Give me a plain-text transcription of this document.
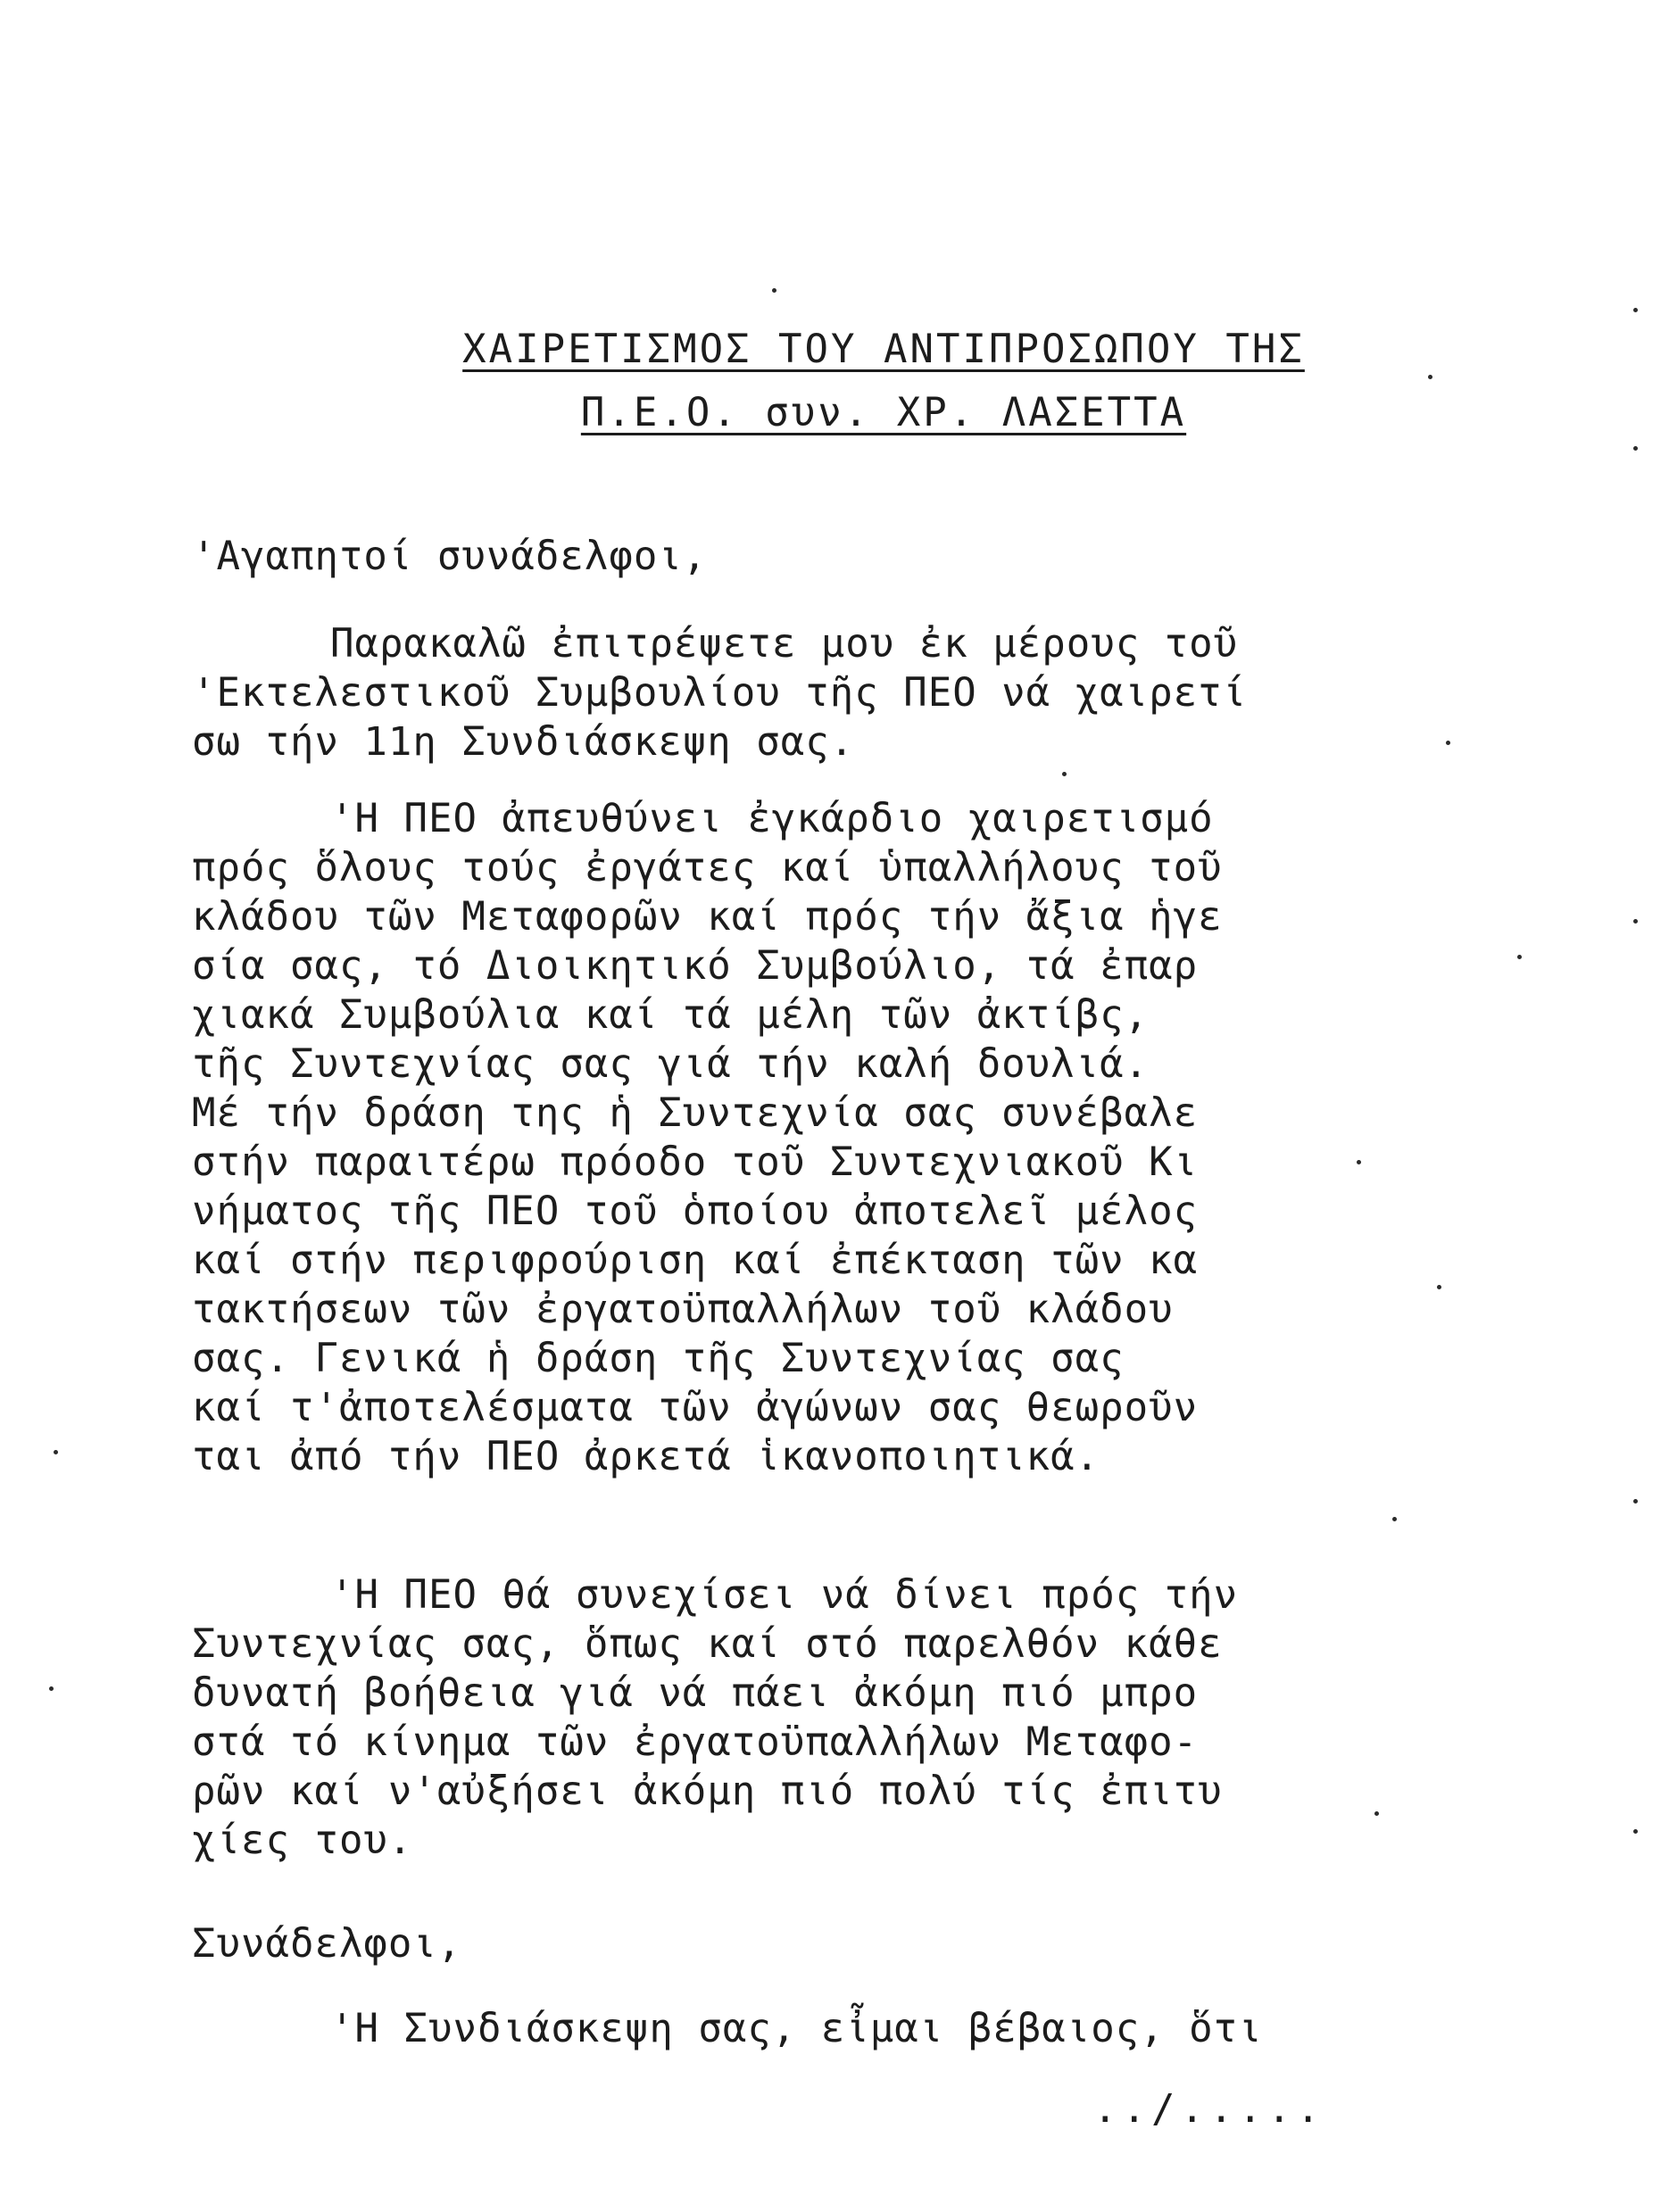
ΧΑΙΡΕΤΙΣΜΟΣ ΤΟΥ ΑΝΤΙΠΡΟΣΩΠΟΥ ΤΗΣ
Π.Ε.Ο. συν. ΧΡ. ΛΑΣΕΤΤΑ
'Αγαπητοί συνάδελφοι,
Παρακαλῶ ἐπιτρέψετε μου ἐκ μέρους τοῦ
'Εκτελεστικοῦ Συμβουλίου τῆς ΠΕΟ νά χαιρετί
σω τήν 11η Συνδιάσκεψη σας.
'Η ΠΕΟ ἀπευθύνει ἐγκάρδιο χαιρετισμό
πρός ὅλους τούς ἐργάτες καί ὑπαλλήλους τοῦ
κλάδου τῶν Μεταφορῶν καί πρός τήν ἄξια ἡγε
σία σας, τό Διοικητικό Συμβούλιο, τά ἐπαρ
χιακά Συμβούλια καί τά μέλη τῶν ἀκτίβς,
τῆς Συντεχνίας σας γιά τήν καλή δουλιά.
Μέ τήν δράση της ἡ Συντεχνία σας συνέβαλε
στήν παραιτέρω πρόοδο τοῦ Συντεχνιακοῦ Κι
νήματος τῆς ΠΕΟ τοῦ ὁποίου ἀποτελεῖ μέλος
καί στήν περιφρούριση καί ἐπέκταση τῶν κα
τακτήσεων τῶν ἐργατοϋπαλλήλων τοῦ κλάδου
σας. Γενικά ἡ δράση τῆς Συντεχνίας σας
καί τ'ἀποτελέσματα τῶν ἀγώνων σας θεωροῦν
ται ἀπό τήν ΠΕΟ ἀρκετά ἱκανοποιητικά.
'Η ΠΕΟ θά συνεχίσει νά δίνει πρός τήν
Συντεχνίας σας, ὅπως καί στό παρελθόν κάθε
δυνατή βοήθεια γιά νά πάει ἀκόμη πιό μπρο
στά τό κίνημα τῶν ἐργατοϋπαλλήλων Μεταφο-
ρῶν καί ν'αὐξήσει ἀκόμη πιό πολύ τίς ἐπιτυ
χίες του.
Συνάδελφοι,
'Η Συνδιάσκεψη σας, εἶμαι βέβαιος, ὅτι
../.....
